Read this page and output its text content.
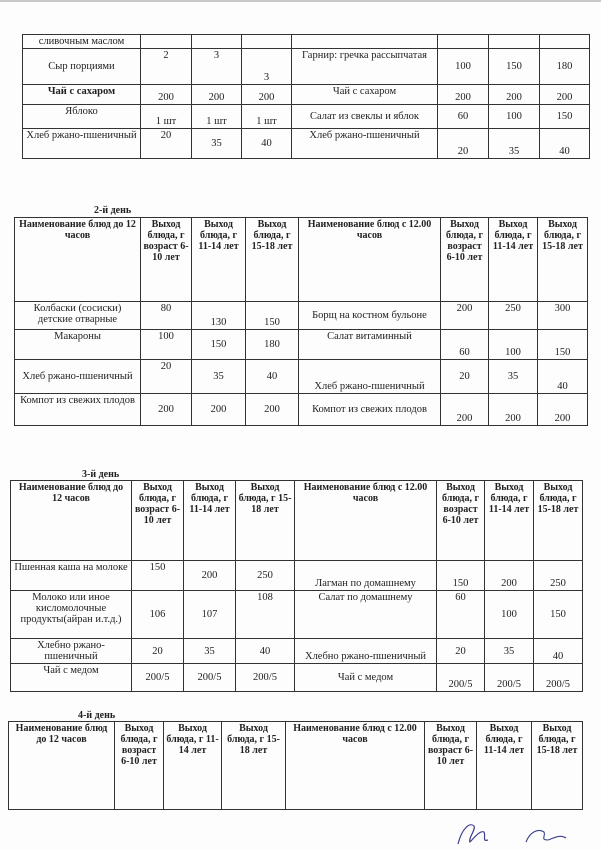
сливочным маслом							
Сыр порциями	2	3	3	Гарнир: гречка рассыпчатая	100	150	180
Чай с сахаром	200	200	200	Чай с сахаром	200	200	200
Яблоко	1 шт	1 шт	1 шт	Салат из свеклы и яблок	60	100	150
Хлеб ржано-пшеничный	20	35	40	Хлеб ржано-пшеничный	20	35	40
2-й день
Наименование блюд до 12 часов	Выход блюда, г возраст 6-10 лет	Выход блюда, г 11-14 лет	Выход блюда, г 15-18 лет	Наименование блюд с 12.00 часов	Выход блюда, г возраст 6-10 лет	Выход блюда, г 11-14 лет	Выход блюда, г 15-18 лет
Колбаски (сосиски) детские отварные	80	130	150	Борщ на костном бульоне	200	250	300
Макароны	100	150	180	Салат витаминный	60	100	150
Хлеб ржано-пшеничный	20	35	40	Хлеб ржано-пшеничный	20	35	40
Компот из свежих плодов	200	200	200	Компот из свежих плодов	200	200	200
3-й день
Наименование блюд до 12 часов	Выход блюда, г возраст 6-10 лет	Выход блюда, г 11-14 лет	Выход блюда, г 15-18 лет	Наименование блюд с 12.00 часов	Выход блюда, г возраст 6-10 лет	Выход блюда, г 11-14 лет	Выход блюда, г 15-18 лет
Пшенная каша на молоке	150	200	250	Лагман по домашнему	150	200	250
Молоко или иное кисломолочные продукты(айран и.т.д.)	106	107	108	Салат по домашнему	60	100	150
Хлебно ржано-пшеничный	20	35	40	Хлебно ржано-пшеничный	20	35	40
Чай с медом	200/5	200/5	200/5	Чай с медом	200/5	200/5	200/5
4-й день
Наименование блюд до 12 часов	Выход блюда, г возраст 6-10 лет	Выход блюда, г 11-14 лет	Выход блюда, г 15-18 лет	Наименование блюд с 12.00 часов	Выход блюда, г возраст 6-10 лет	Выход блюда, г 11-14 лет	Выход блюда, г 15-18 лет
